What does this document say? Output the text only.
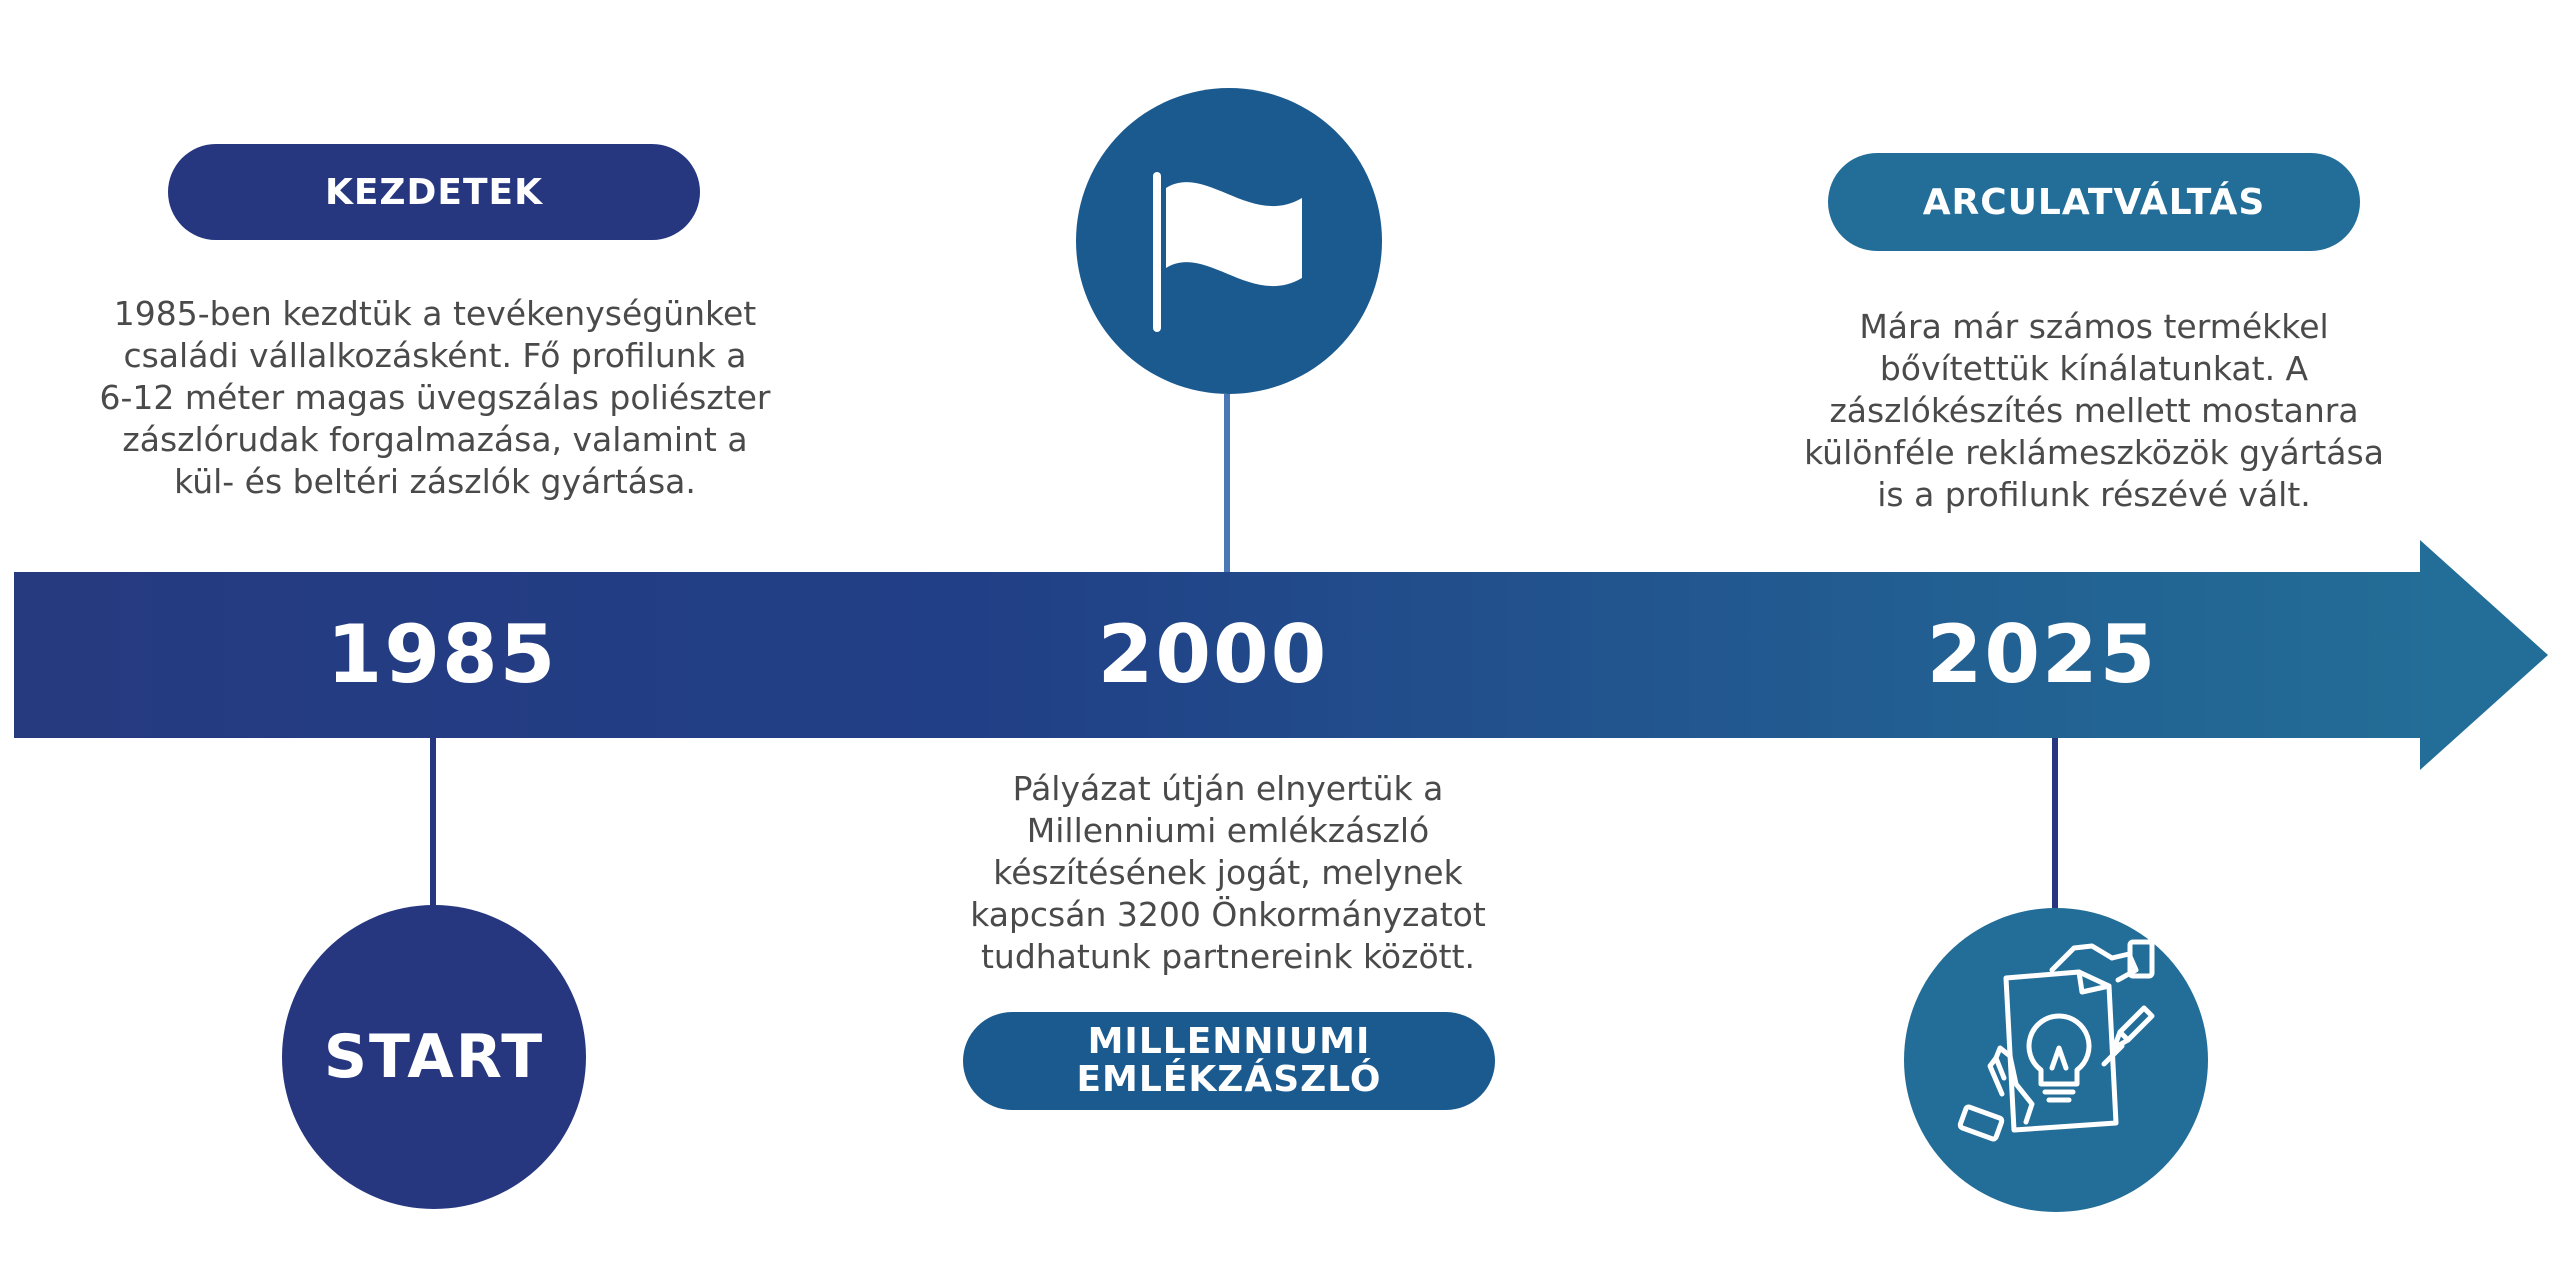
1985	2000	2025
KEZDETEK
1985-ben kezdtük a tevékenységünket
családi vállalkozásként. Fő profilunk a
6-12 méter magas üvegszálas poliészter
zászlórudak forgalmazása, valamint a
kül- és beltéri zászlók gyártása.
START
Pályázat útján elnyertük a
Millenniumi emlékzászló
készítésének jogát, melynek
kapcsán 3200 Önkormányzatot
tudhatunk partnereink között.
MILLENNIUMI
EMLÉKZÁSZLÓ
ARCULATVÁLTÁS
Mára már számos termékkel
bővítettük kínálatunkat. A
zászlókészítés mellett mostanra
különféle reklámeszközök gyártása
is a profilunk részévé vált.
